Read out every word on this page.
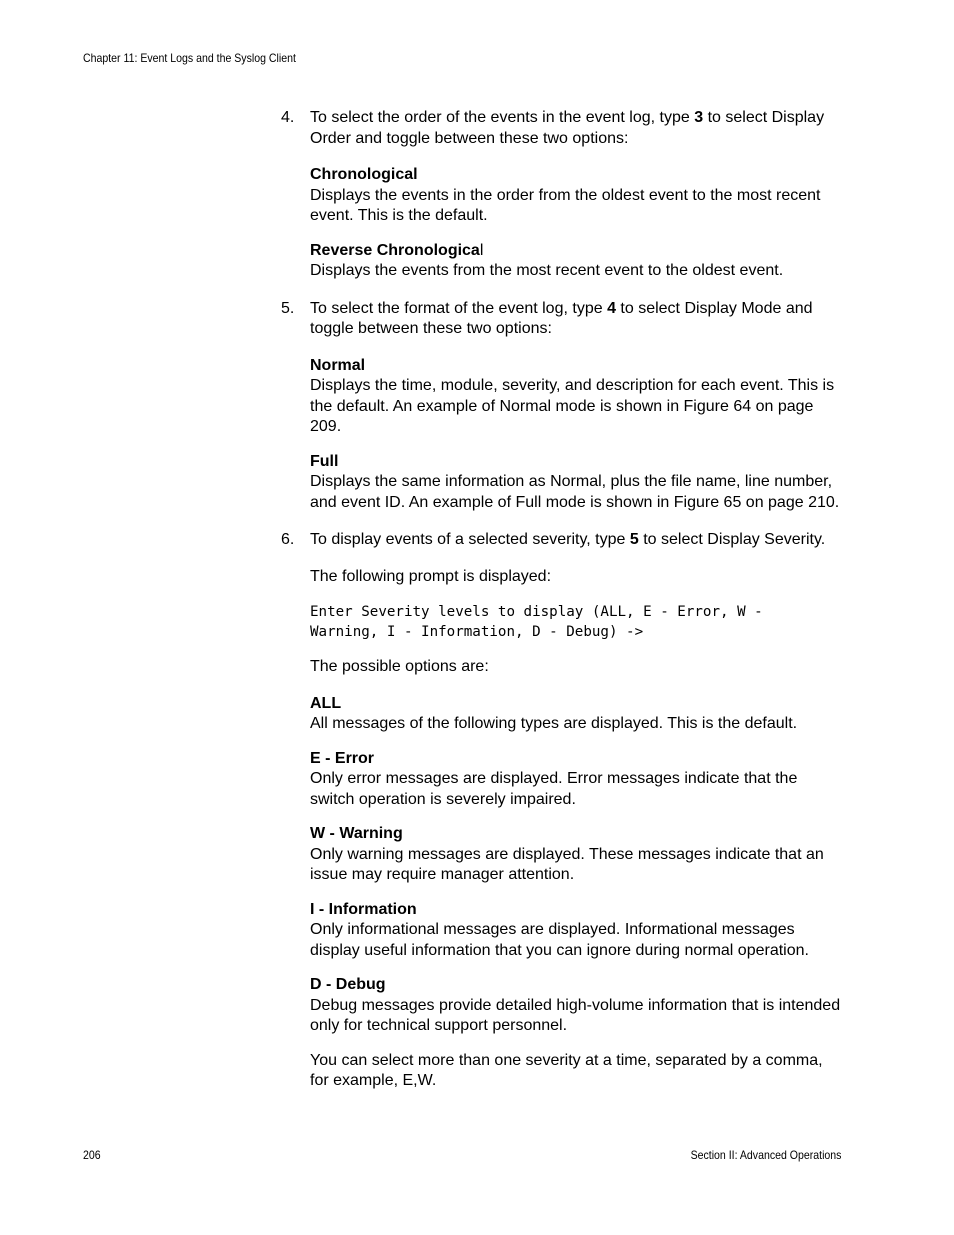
Chapter 11: Event Logs and the Syslog Client
4. To select the order of the events in the event log, type 3 to select Display Order and toggle between these two options:
Chronological
Displays the events in the order from the oldest event to the most recent event. This is the default.
Reverse Chronological
Displays the events from the most recent event to the oldest event.
5. To select the format of the event log, type 4 to select Display Mode and toggle between these two options:
Normal
Displays the time, module, severity, and description for each event. This is the default. An example of Normal mode is shown in Figure 64 on page 209.
Full
Displays the same information as Normal, plus the file name, line number, and event ID. An example of Full mode is shown in Figure 65 on page 210.
6. To display events of a selected severity, type 5 to select Display Severity.
The following prompt is displayed:
Enter Severity levels to display (ALL, E - Error, W -
Warning, I - Information, D - Debug) ->
The possible options are:
ALL
All messages of the following types are displayed. This is the default.
E - Error
Only error messages are displayed. Error messages indicate that the switch operation is severely impaired.
W - Warning
Only warning messages are displayed. These messages indicate that an issue may require manager attention.
I - Information
Only informational messages are displayed. Informational messages display useful information that you can ignore during normal operation.
D - Debug
Debug messages provide detailed high-volume information that is intended only for technical support personnel.
You can select more than one severity at a time, separated by a comma, for example, E,W.
206	Section II: Advanced Operations
